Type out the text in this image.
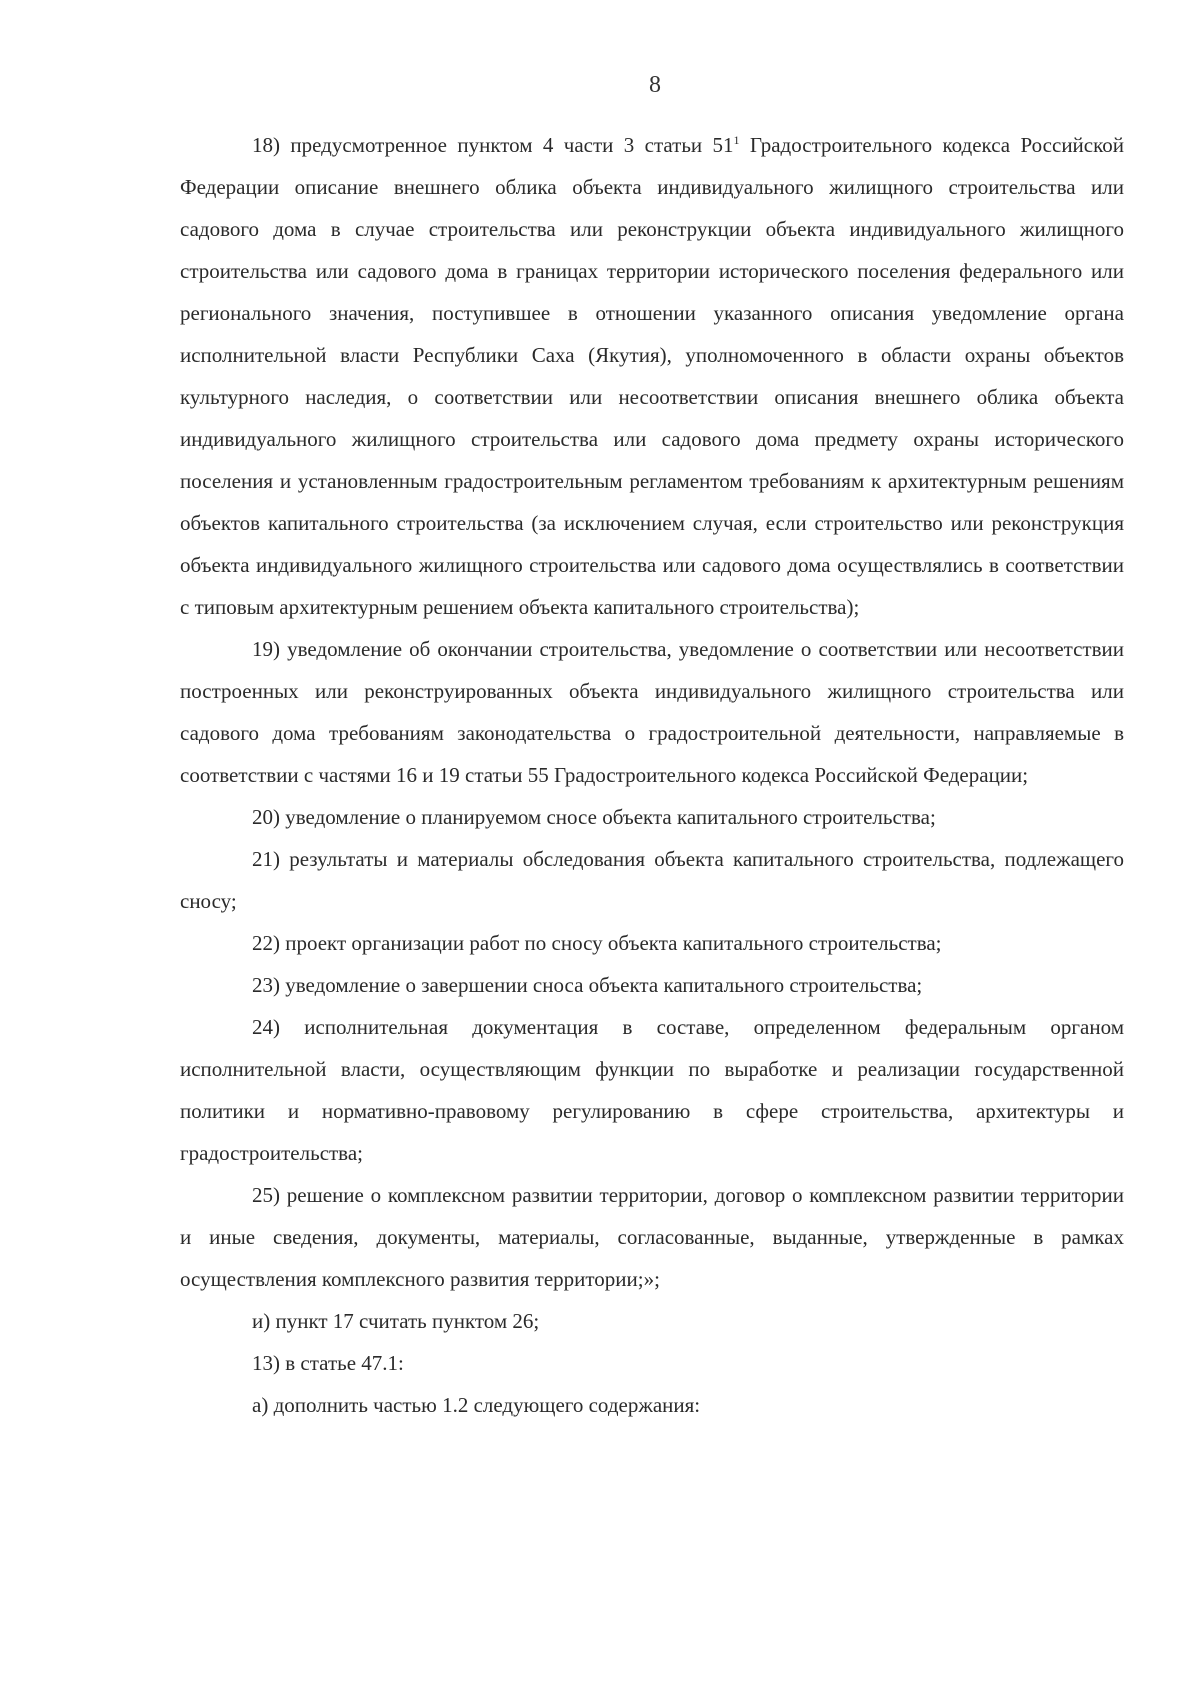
8

18) предусмотренное пунктом 4 части 3 статьи $51^1$ Градостроительного кодекса Российской Федерации описание внешнего облика объекта индивидуального жилищного строительства или садового дома в случае строительства или реконструкции объекта индивидуального жилищного строительства или садового дома в границах территории исторического поселения федерального или регионального значения, поступившее в отношении указанного описания уведомление органа исполнительной власти Республики Саха (Якутия), уполномоченного в области охраны объектов культурного наследия, о соответствии или несоответствии описания внешнего облика объекта индивидуального жилищного строительства или садового дома предмету охраны исторического поселения и установленным градостроительным регламентом требованиям к архитектурным решениям объектов капитального строительства (за исключением случая, если строительство или реконструкция объекта индивидуального жилищного строительства или садового дома осуществлялись в соответствии с типовым архитектурным решением объекта капитального строительства);

19) уведомление об окончании строительства, уведомление о соответствии или несоответствии построенных или реконструированных объекта индивидуального жилищного строительства или садового дома требованиям законодательства о градостроительной деятельности, направляемые в соответствии с частями 16 и 19 статьи 55 Градостроительного кодекса Российской Федерации;

20) уведомление о планируемом сносе объекта капитального строительства;

21) результаты и материалы обследования объекта капитального строительства, подлежащего сносу;

22) проект организации работ по сносу объекта капитального строительства;

23) уведомление о завершении сноса объекта капитального строительства;

24) исполнительная документация в составе, определенном федеральным органом исполнительной власти, осуществляющим функции по выработке и реализации государственной политики и нормативно-правовому регулированию в сфере строительства, архитектуры и градостроительства;

25) решение о комплексном развитии территории, договор о комплексном развитии территории и иные сведения, документы, материалы, согласованные, выданные, утвержденные в рамках осуществления комплексного развития территории;»;

и) пункт 17 считать пунктом 26;

13) в статье 47.1:

а) дополнить частью 1.2 следующего содержания:
